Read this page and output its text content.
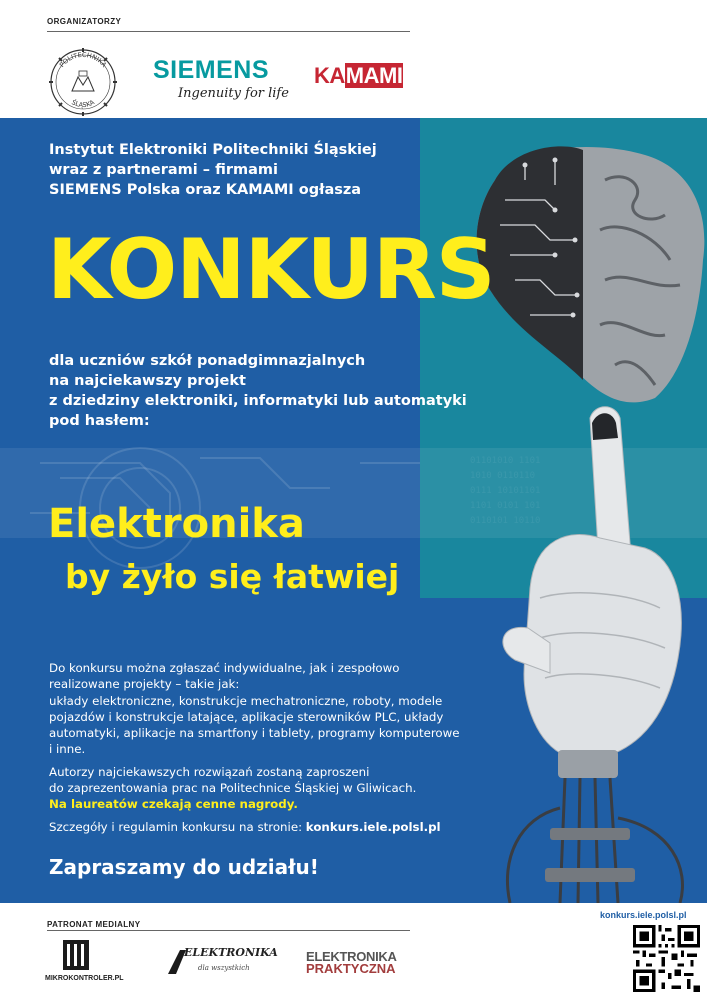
ORGANIZATORZY
POLITECHNIKA
ŚLĄSKA
SIEMENS
Ingenuity for life
KAMAMI
01101010 1101
1010 0110110
0111 10101101
1101 0101 101
0110101 10110
Instytut Elektroniki Politechniki Śląskiej
wraz z partnerami – firmami
SIEMENS Polska oraz KAMAMI ogłasza
KONKURS
dla uczniów szkół ponadgimnazjalnych
na najciekawszy projekt
z dziedziny elektroniki, informatyki lub automatyki
pod hasłem:
Elektronika
by żyło się łatwiej
Do konkursu można zgłaszać indywidualne, jak i zespołowo
realizowane projekty – takie jak:
układy elektroniczne, konstrukcje mechatroniczne, roboty, modele
pojazdów i konstrukcje latające, aplikacje sterowników PLC, układy
automatyki, aplikacje na smartfony i tablety, programy komputerowe
i inne.
Autorzy najciekawszych rozwiązań zostaną zaproszeni
do zaprezentowania prac na Politechnice Śląskiej w Gliwicach.
Na laureatów czekają cenne nagrody.
Szczegóły i regulamin konkursu na stronie: konkurs.iele.polsl.pl
Zapraszamy do udziału!
PATRONAT MEDIALNY
MIKROKONTROLER.PL
ELEKTRONIKA
dla wszystkich
ELEKTRONIKA
PRAKTYCZNA
konkurs.iele.polsl.pl
